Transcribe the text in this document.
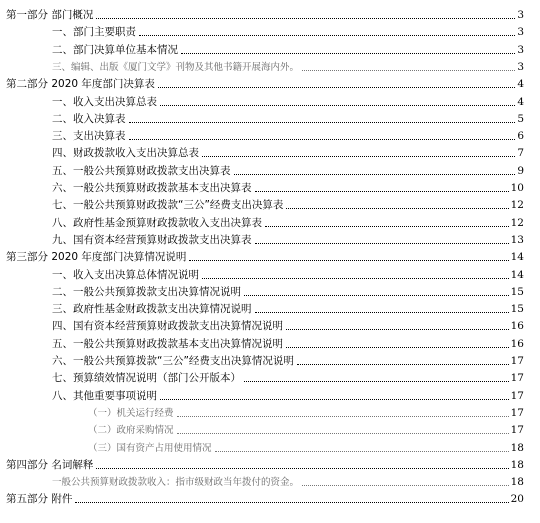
第一部分 部门概况	3
一、部门主要职责	3
二、部门决算单位基本情况	3
三、编辑、出版《厦门文学》刊物及其他书籍开展海内外。	3
第二部分 2020 年度部门决算表	4
一、收入支出决算总表	4
二、收入决算表	5
三、支出决算表	6
四、财政拨款收入支出决算总表	7
五、一般公共预算财政拨款支出决算表	9
六、一般公共预算财政拨款基本支出决算表	10
七、一般公共预算财政拨款“三公”经费支出决算表	12
八、政府性基金预算财政拨款收入支出决算表	12
九、国有资本经营预算财政拨款支出决算表	13
第三部分 2020 年度部门决算情况说明	14
一、收入支出决算总体情况说明	14
二、一般公共预算拨款支出决算情况说明	15
三、政府性基金财政拨款支出决算情况说明	15
四、国有资本经营预算财政拨款支出决算情况说明	16
五、一般公共预算财政拨款基本支出决算情况说明	16
六、一般公共预算拨款“三公”经费支出决算情况说明	17
七、预算绩效情况说明（部门公开版本）	17
八、其他重要事项说明	17
（一）机关运行经费	17
（二）政府采购情况	17
（三）国有资产占用使用情况	18
第四部分 名词解释	18
一般公共预算财政拨款收入：指市级财政当年拨付的资金。	18
第五部分 附件	20
